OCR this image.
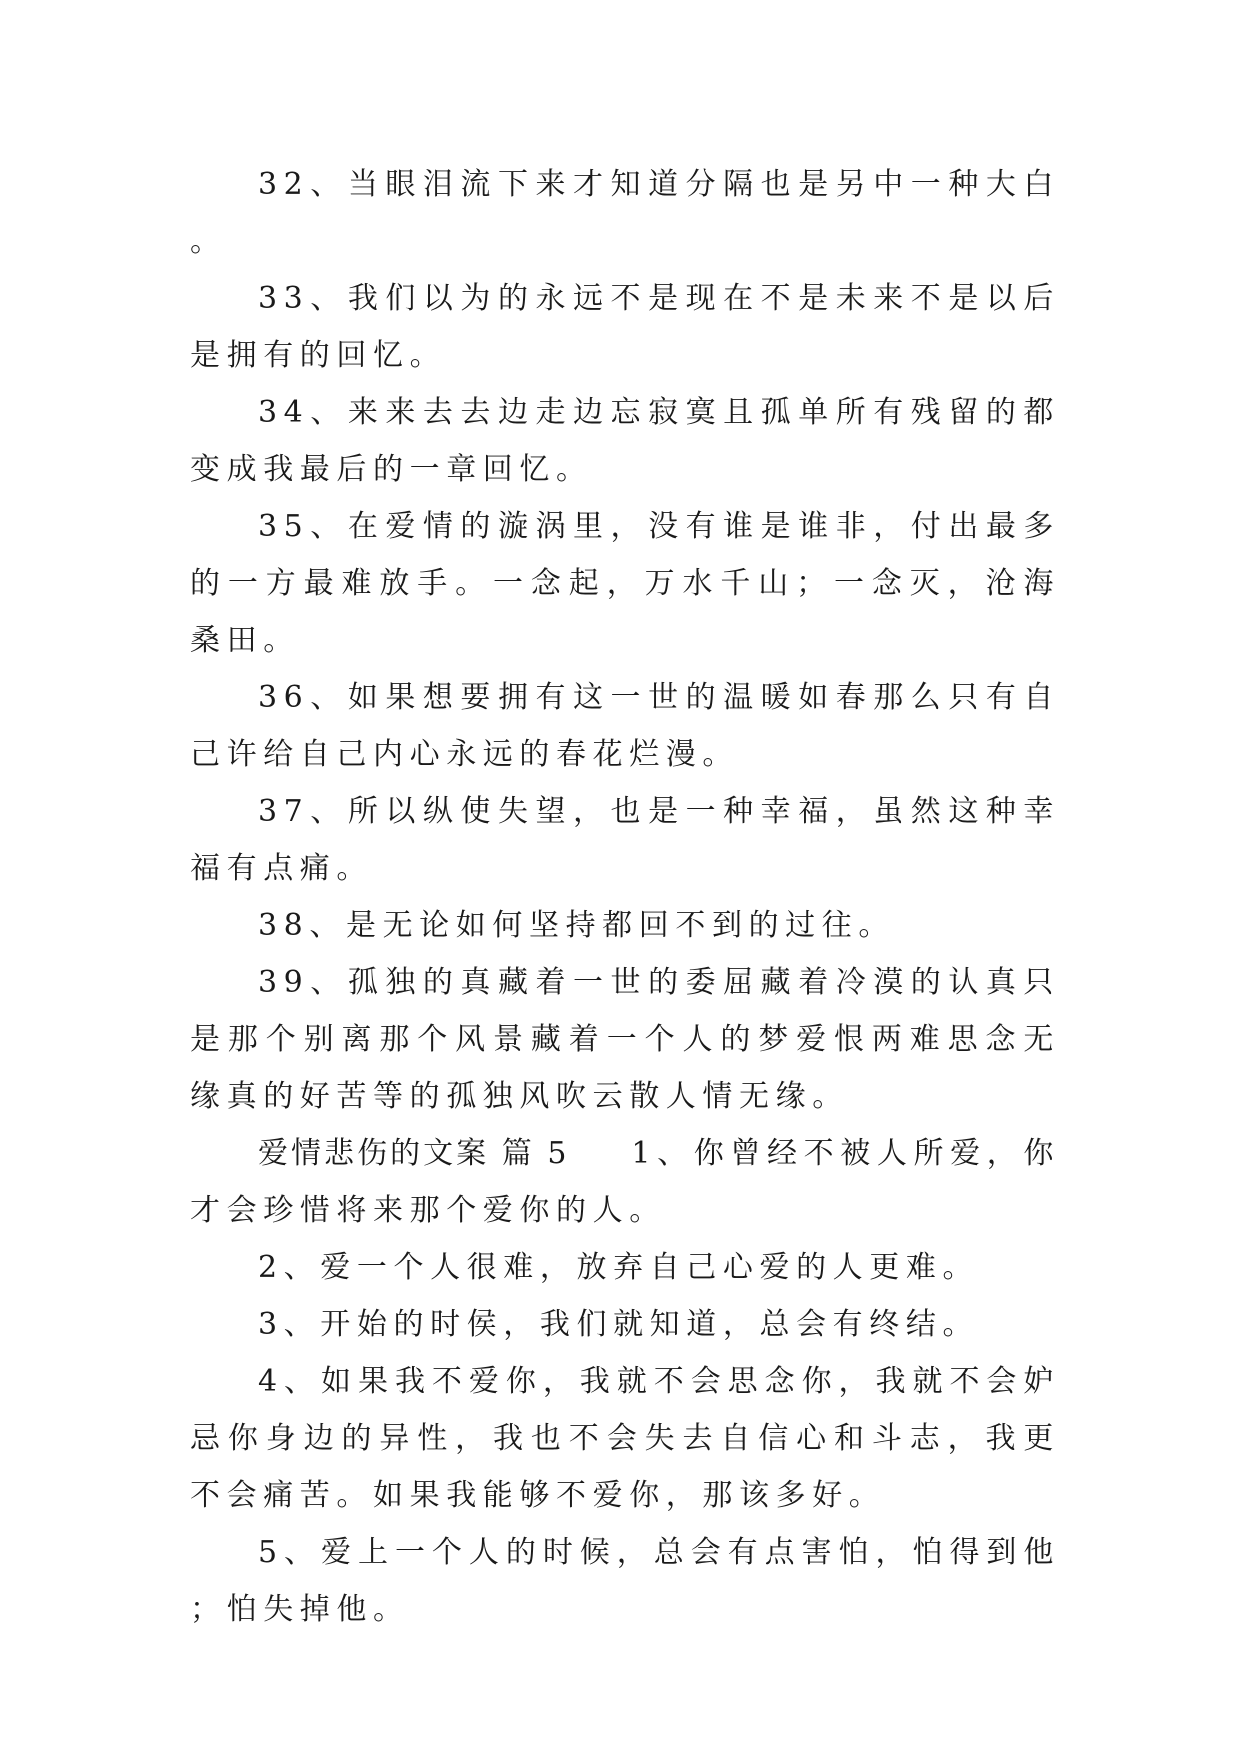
32、当眼泪流下来才知道分隔也是另中一种大白。

33、我们以为的永远不是现在不是未来不是以后是拥有的回忆。

34、来来去去边走边忘寂寞且孤单所有残留的都变成我最后的一章回忆。

35、在爱情的漩涡里，没有谁是谁非，付出最多的一方最难放手。一念起，万水千山；一念灭，沧海桑田。

36、如果想要拥有这一世的温暖如春那么只有自己许给自己内心永远的春花烂漫。

37、所以纵使失望，也是一种幸福，虽然这种幸福有点痛。

38、是无论如何坚持都回不到的过往。

39、孤独的真藏着一世的委屈藏着冷漠的认真只是那个别离那个风景藏着一个人的梦爱恨两难思念无缘真的好苦等的孤独风吹云散人情无缘。

爱情悲伤的文案 篇 5 1、你曾经不被人所爱，你才会珍惜将来那个爱你的人。

2、爱一个人很难，放弃自己心爱的人更难。

3、开始的时侯，我们就知道，总会有终结。

4、如果我不爱你，我就不会思念你，我就不会妒忌你身边的异性，我也不会失去自信心和斗志，我更不会痛苦。如果我能够不爱你，那该多好。

5、爱上一个人的时候，总会有点害怕，怕得到他；怕失掉他。
